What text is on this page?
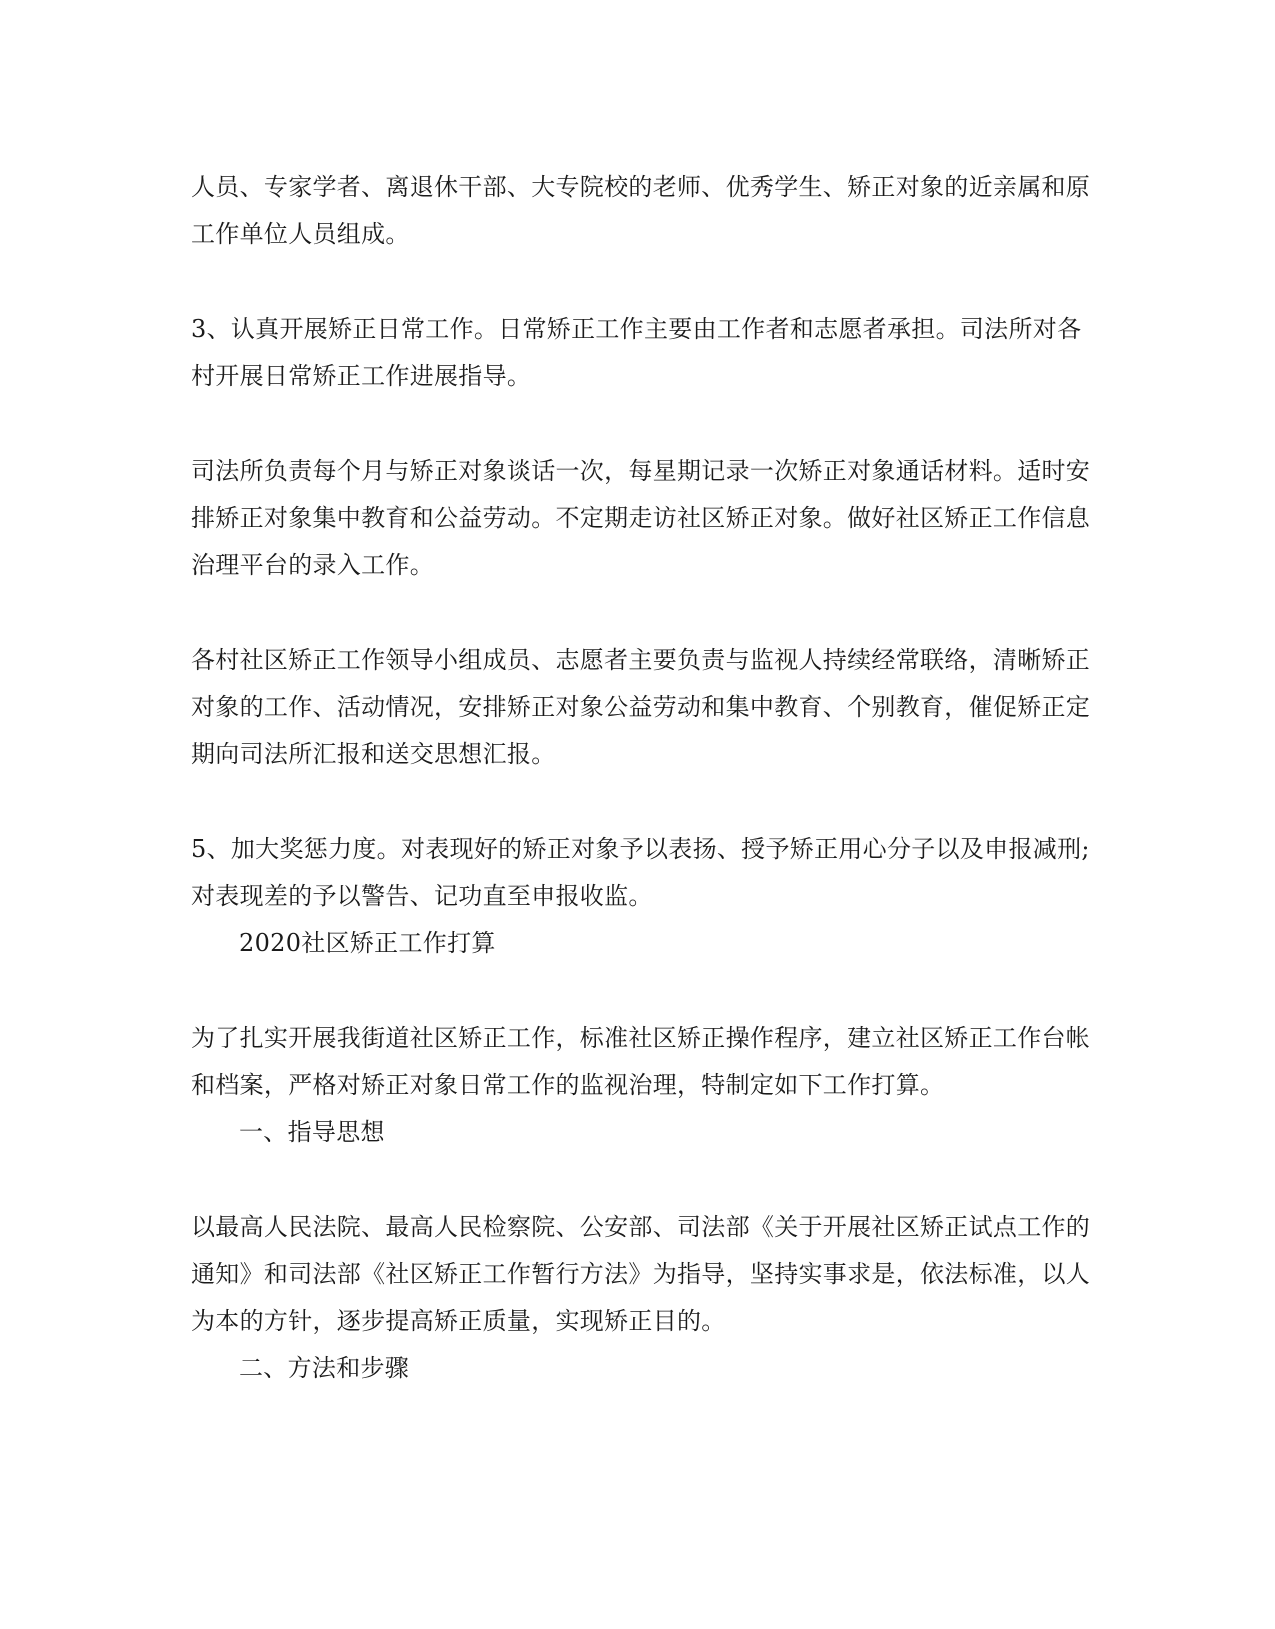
人员、专家学者、离退休干部、大专院校的老师、优秀学生、矫正对象的近亲属和原工作单位人员组成。

3、认真开展矫正日常工作。日常矫正工作主要由工作者和志愿者承担。司法所对各村开展日常矫正工作进展指导。

司法所负责每个月与矫正对象谈话一次，每星期记录一次矫正对象通话材料。适时安排矫正对象集中教育和公益劳动。不定期走访社区矫正对象。做好社区矫正工作信息治理平台的录入工作。

各村社区矫正工作领导小组成员、志愿者主要负责与监视人持续经常联络，清晰矫正对象的工作、活动情况，安排矫正对象公益劳动和集中教育、个别教育，催促矫正定期向司法所汇报和送交思想汇报。

5、加大奖惩力度。对表现好的矫正对象予以表扬、授予矫正用心分子以及申报减刑;对表现差的予以警告、记功直至申报收监。

2020社区矫正工作打算

为了扎实开展我街道社区矫正工作，标准社区矫正操作程序，建立社区矫正工作台帐和档案，严格对矫正对象日常工作的监视治理，特制定如下工作打算。

一、指导思想

以最高人民法院、最高人民检察院、公安部、司法部《关于开展社区矫正试点工作的通知》和司法部《社区矫正工作暂行方法》为指导，坚持实事求是，依法标准，以人为本的方针，逐步提高矫正质量，实现矫正目的。

二、方法和步骤
